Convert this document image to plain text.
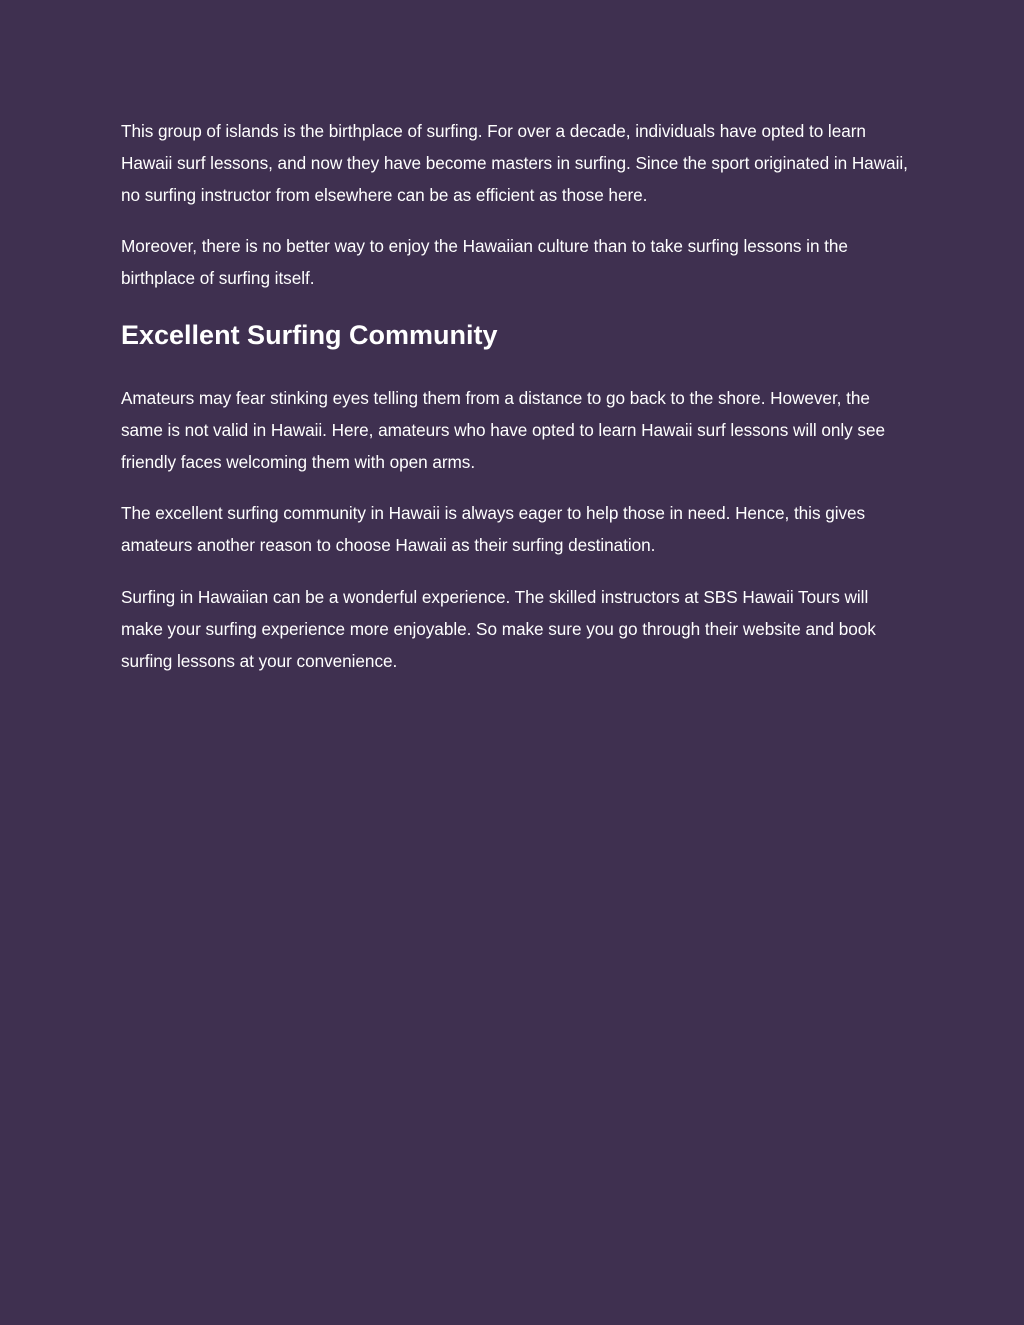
This group of islands is the birthplace of surfing. For over a decade, individuals have opted to learn Hawaii surf lessons, and now they have become masters in surfing. Since the sport originated in Hawaii, no surfing instructor from elsewhere can be as efficient as those here.

Moreover, there is no better way to enjoy the Hawaiian culture than to take surfing lessons in the birthplace of surfing itself.

Excellent Surfing Community

Amateurs may fear stinking eyes telling them from a distance to go back to the shore. However, the same is not valid in Hawaii. Here, amateurs who have opted to learn Hawaii surf lessons will only see friendly faces welcoming them with open arms.

The excellent surfing community in Hawaii is always eager to help those in need. Hence, this gives amateurs another reason to choose Hawaii as their surfing destination.

Surfing in Hawaiian can be a wonderful experience. The skilled instructors at SBS Hawaii Tours will make your surfing experience more enjoyable. So make sure you go through their website and book surfing lessons at your convenience.
